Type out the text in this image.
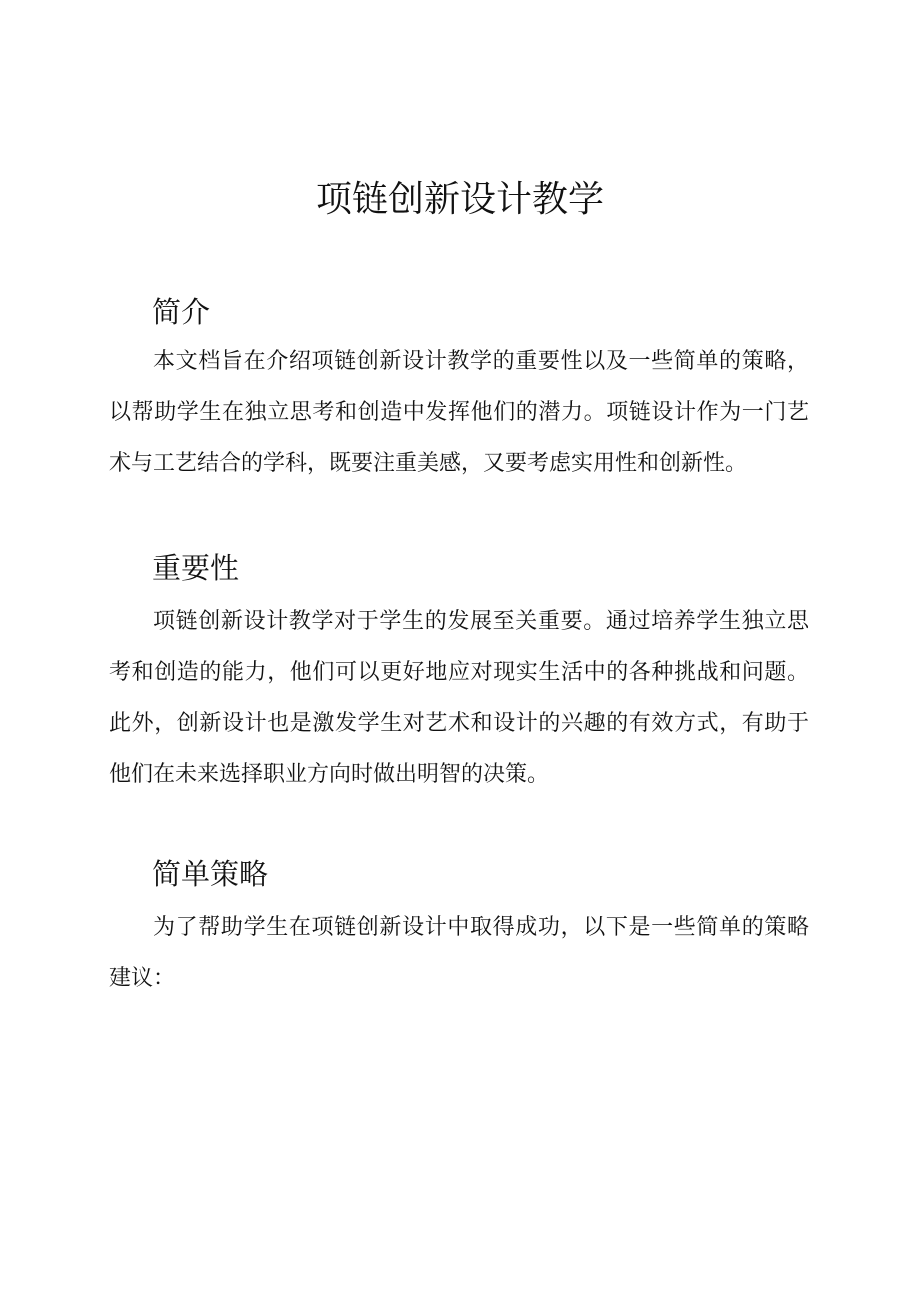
项链创新设计教学
简介

本文档旨在介绍项链创新设计教学的重要性以及一些简单的策略，以帮助学生在独立思考和创造中发挥他们的潜力。项链设计作为一门艺术与工艺结合的学科，既要注重美感，又要考虑实用性和创新性。

重要性

项链创新设计教学对于学生的发展至关重要。通过培养学生独立思考和创造的能力，他们可以更好地应对现实生活中的各种挑战和问题。此外，创新设计也是激发学生对艺术和设计的兴趣的有效方式，有助于他们在未来选择职业方向时做出明智的决策。

简单策略

为了帮助学生在项链创新设计中取得成功，以下是一些简单的策略建议：
